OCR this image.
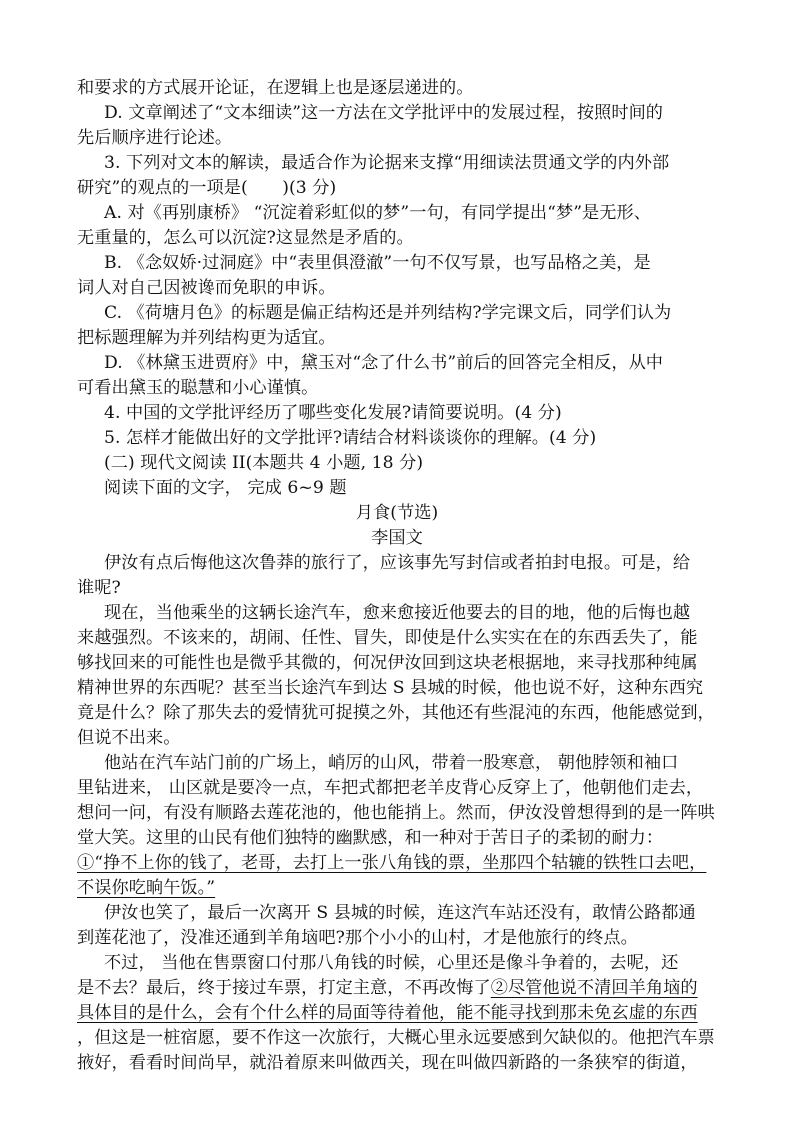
和要求的方式展开论证，在逻辑上也是逐层递进的。
D. 文章阐述了“文本细读”这一方法在文学批评中的发展过程，按照时间的
先后顺序进行论述。
3. 下列对文本的解读，最适合作为论据来支撑“用细读法贯通文学的内外部
研究”的观点的一项是(　　)(3 分)
A. 对《再别康桥》 “沉淀着彩虹似的梦”一句，有同学提出“梦”是无形、
无重量的，怎么可以沉淀?这显然是矛盾的。
B. 《念奴娇·过洞庭》中“表里俱澄澈”一句不仅写景，也写品格之美，是
词人对自己因被谗而免职的申诉。
C. 《荷塘月色》的标题是偏正结构还是并列结构?学完课文后，同学们认为
把标题理解为并列结构更为适宜。
D. 《林黛玉进贾府》中，黛玉对“念了什么书”前后的回答完全相反，从中
可看出黛玉的聪慧和小心谨慎。
4. 中国的文学批评经历了哪些变化发展?请简要说明。(4 分)
5. 怎样才能做出好的文学批评?请结合材料谈谈你的理解。(4 分)
(二) 现代文阅读 II(本题共 4 小题, 18 分)
阅读下面的文字， 完成 6~9 题
月食(节选)
李国文
伊汝有点后悔他这次鲁莽的旅行了，应该事先写封信或者拍封电报。可是，给
谁呢?
现在，当他乘坐的这辆长途汽车，愈来愈接近他要去的目的地，他的后悔也越
来越强烈。不该来的，胡闹、任性、冒失，即使是什么实实在在的东西丢失了，能
够找回来的可能性也是微乎其微的，何况伊汝回到这块老根据地，来寻找那种纯属
精神世界的东西呢？甚至当长途汽车到达 S 县城的时候，他也说不好，这种东西究
竟是什么？除了那失去的爱情犹可捉摸之外，其他还有些混沌的东西，他能感觉到，
但说不出来。
他站在汽车站门前的广场上，峭厉的山风，带着一股寒意， 朝他脖领和袖口
里钻进来， 山区就是要冷一点，车把式都把老羊皮背心反穿上了，他朝他们走去，
想问一问，有没有顺路去莲花池的，他也能捎上。然而，伊汝没曾想得到的是一阵哄
堂大笑。这里的山民有他们独特的幽默感，和一种对于苦日子的柔韧的耐力：
①“挣不上你的钱了，老哥，去打上一张八角钱的票，坐那四个轱辘的铁牲口去吧，
不误你吃晌午饭。”
伊汝也笑了，最后一次离开 S 县城的时候，连这汽车站还没有，敢情公路都通
到莲花池了，没准还通到羊角垴吧?那个小小的山村，才是他旅行的终点。
不过， 当他在售票窗口付那八角钱的时候，心里还是像斗争着的，去呢，还
是不去？最后，终于接过车票，打定主意，不再改悔了②尽管他说不清回羊角垴的
具体目的是什么，会有个什么样的局面等待着他，能不能寻找到那未免玄虚的东西
，但这是一桩宿愿，要不作这一次旅行，大概心里永远要感到欠缺似的。他把汽车票
掖好，看看时间尚早，就沿着原来叫做西关，现在叫做四新路的一条狭窄的街道，
